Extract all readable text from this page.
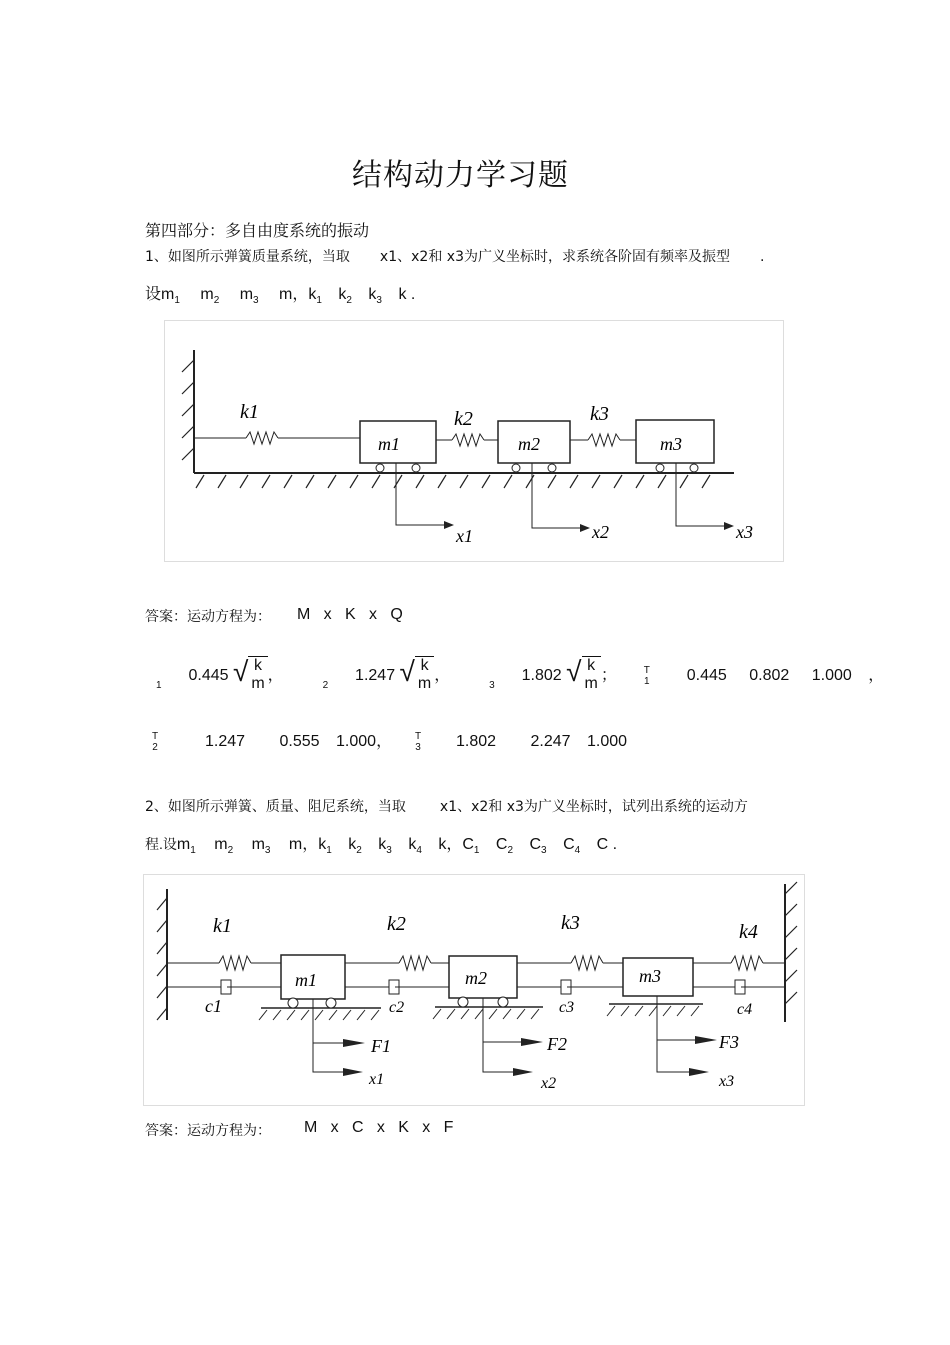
结构动力学习题
第四部分：多自由度系统的振动
1、如图所示弹簧质量系统，当取 x1、x2和 x3为广义坐标时，求系统各阶固有频率及振型 .
设$m_1$ $m_2$ $m_3$ m，$k_1$ $k_2$ $k_3$ k .
k1	k2	k3
m1	m2	m3
x1	x2	x3
答案：运动方程为： M   x   K   x   Q
$_1$  0.445 √ k
m ，  $_2$  1.247 √ k
m ，  $_3$  1.802 √ k
m ；  T
1 0.445 0.802 1.000 ，
T
2	1.247 0.555 1.000，  T
3 1.802 2.247 1.000
2、如图所示弹簧、质量、阻尼系统，当取 x1、x2和 x3为广义坐标时，试列出系统的运动方
程.设$m_1$ $m_2$ $m_3$ m，$k_1$ $k_2$ $k_3$ $k_4$ k，$C_1$ $C_2$ $C_3$ $C_4$ C .
k1	k2	k3	k4
c1	c2	c3	c4
m1	m2	m3
F1	F2	F3
x1	x2	x3
答案：运动方程为： M   x   C   x   K   x   F
